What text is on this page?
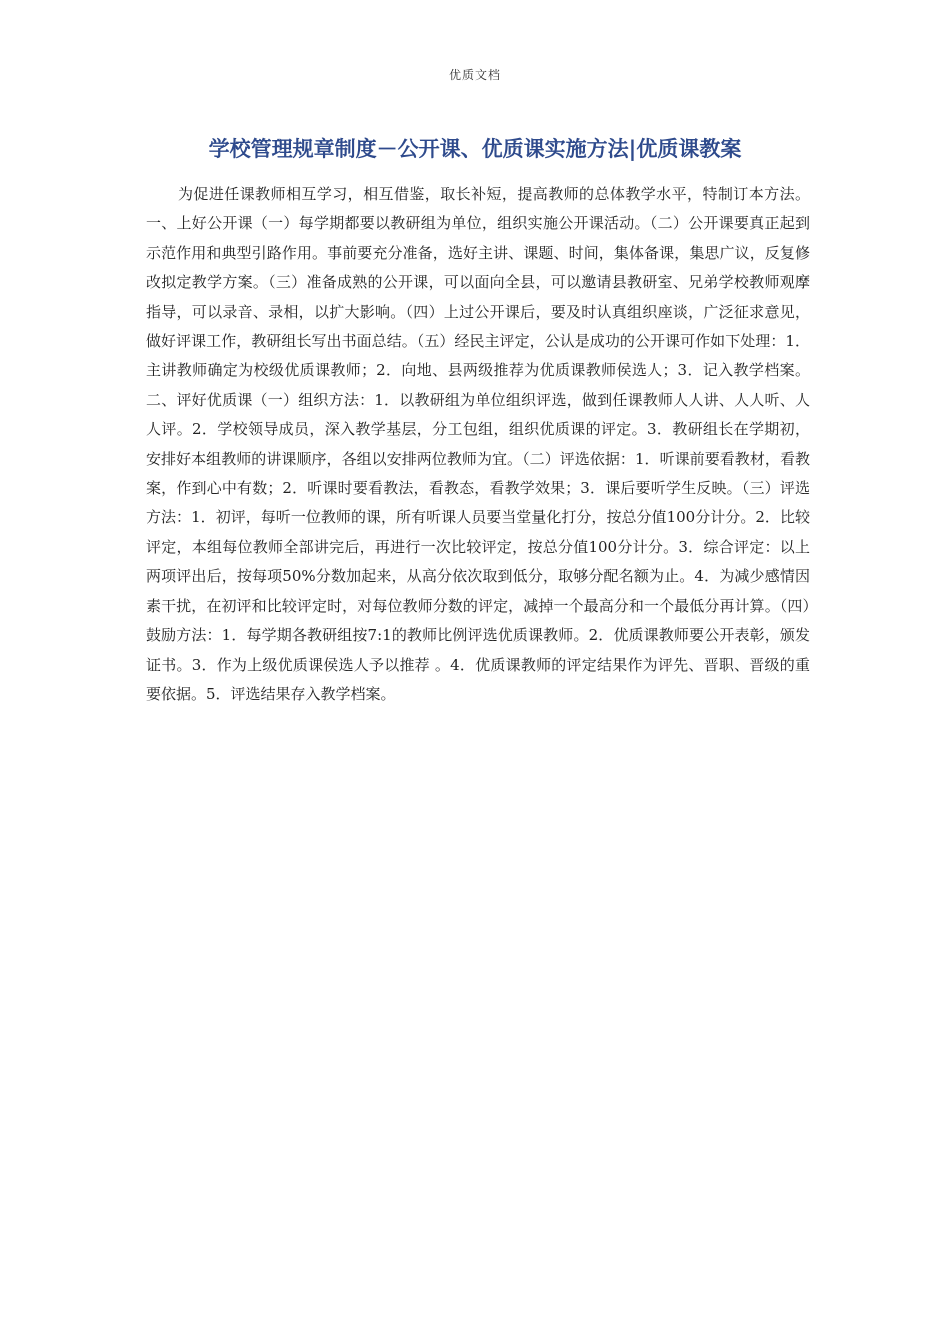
优质文档
学校管理规章制度－公开课、优质课实施方法|优质课教案

为促进任课教师相互学习，相互借鉴，取长补短，提高教师的总体教学水平，特制订本方法。一、上好公开课（一）每学期都要以教研组为单位，组织实施公开课活动。（二）公开课要真正起到示范作用和典型引路作用。事前要充分准备，选好主讲、课题、时间，集体备课，集思广议，反复修改拟定教学方案。（三）准备成熟的公开课，可以面向全县，可以邀请县教研室、兄弟学校教师观摩指导，可以录音、录相，以扩大影响。（四）上过公开课后，要及时认真组织座谈，广泛征求意见，做好评课工作，教研组长写出书面总结。（五）经民主评定，公认是成功的公开课可作如下处理：1．主讲教师确定为校级优质课教师；2．向地、县两级推荐为优质课教师侯选人；3．记入教学档案。二、评好优质课（一）组织方法：1．以教研组为单位组织评选，做到任课教师人人讲、人人听、人人评。2．学校领导成员，深入教学基层，分工包组，组织优质课的评定。3．教研组长在学期初，安排好本组教师的讲课顺序，各组以安排两位教师为宜。（二）评选依据：1．听课前要看教材，看教案，作到心中有数；2．听课时要看教法，看教态，看教学效果；3．课后要听学生反映。（三）评选方法：1．初评，每听一位教师的课，所有听课人员要当堂量化打分，按总分值100分计分。2．比较评定，本组每位教师全部讲完后，再进行一次比较评定，按总分值100分计分。3．综合评定：以上两项评出后，按每项50%分数加起来，从高分依次取到低分，取够分配名额为止。4．为减少感情因素干扰，在初评和比较评定时，对每位教师分数的评定，减掉一个最高分和一个最低分再计算。（四）鼓励方法：1．每学期各教研组按7:1的教师比例评选优质课教师。2．优质课教师要公开表彰，颁发证书。3．作为上级优质课侯选人予以推荐 。4．优质课教师的评定结果作为评先、晋职、晋级的重要依据。5．评选结果存入教学档案。
